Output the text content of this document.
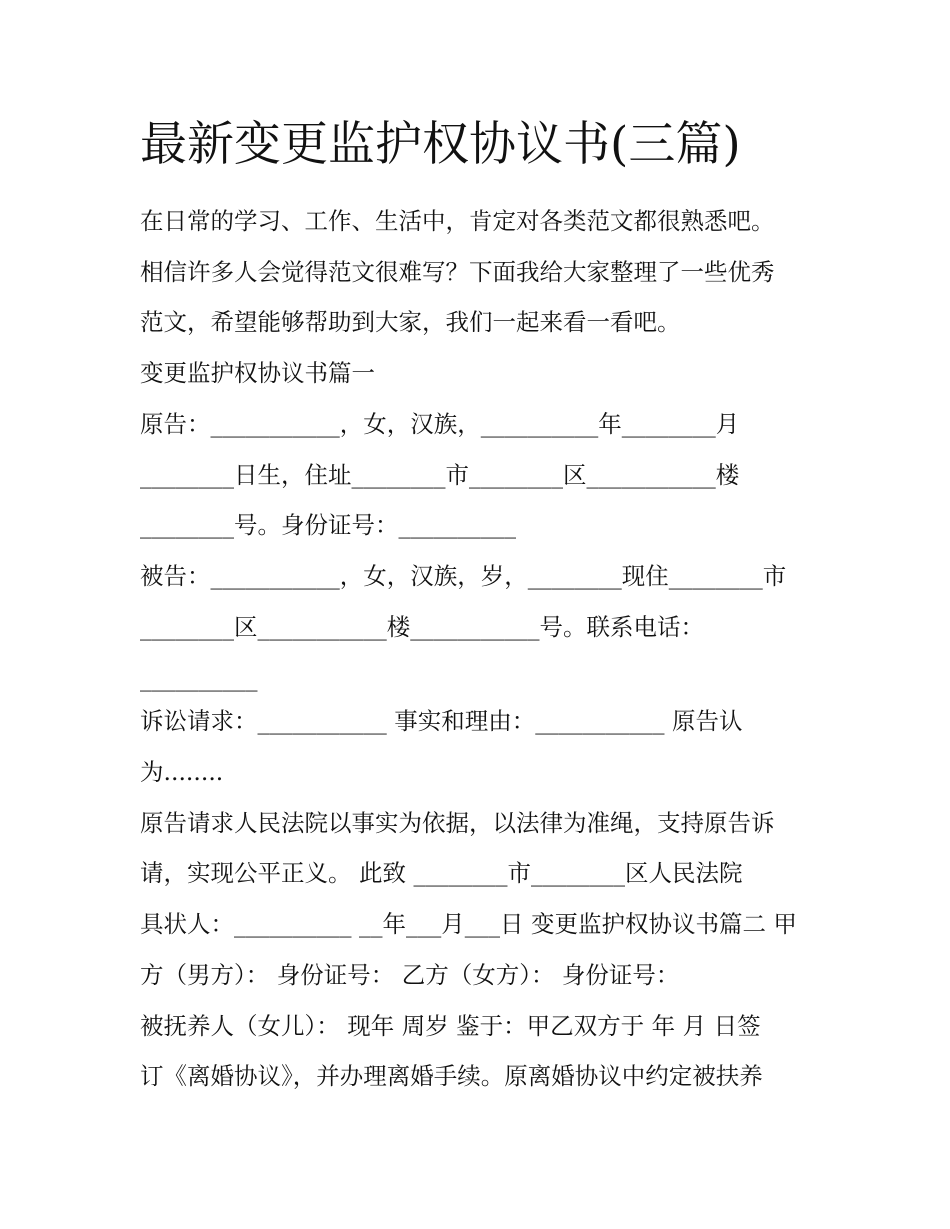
最新变更监护权协议书(三篇)

在日常的学习、工作、生活中，肯定对各类范文都很熟悉吧。

相信许多人会觉得范文很难写？下面我给大家整理了一些优秀

范文，希望能够帮助到大家，我们一起来看一看吧。

变更监护权协议书篇一

原告：___________，女，汉族，__________年________月

________日生，住址________市________区___________楼

________号。身份证号：__________

被告：___________，女，汉族，岁，________现住________市

________区___________楼___________号。联系电话：

__________

诉讼请求：___________ 事实和理由：___________ 原告认

为........

原告请求人民法院以事实为依据，以法律为准绳，支持原告诉

请，实现公平正义。 此致 ________市________区人民法院

具状人：__________ __年___月___日 变更监护权协议书篇二 甲

方（男方）： 身份证号： 乙方（女方）： 身份证号：

被抚养人（女儿）： 现年 周岁 鉴于：甲乙双方于 年 月 日签

订《离婚协议》，并办理离婚手续。原离婚协议中约定被扶养
